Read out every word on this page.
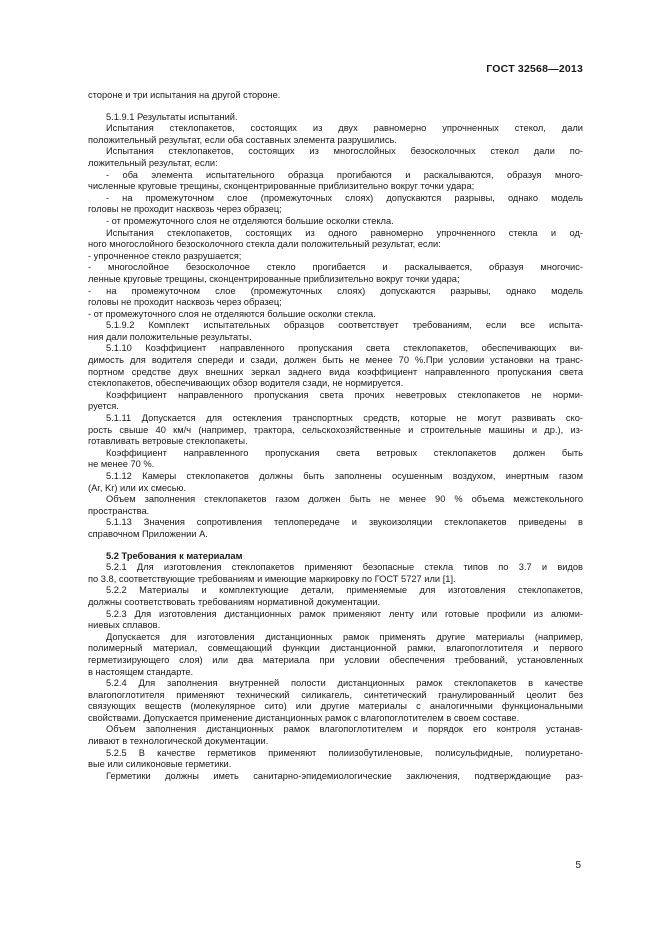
ГОСТ 32568—2013
стороне и три испытания на другой стороне.
5.1.9.1 Результаты испытаний.
Испытания стеклопакетов, состоящих из двух равномерно упрочненных стекол, дали
положительный результат, если оба составных элемента разрушились.
Испытания стеклопакетов, состоящих из многослойных безосколочных стекол дали по-
ложительный результат, если:
- оба элемента испытательного образца прогибаются и раскалываются, образуя много-
численные круговые трещины, сконцентрированные приблизительно вокруг точки удара;
- на промежуточном слое (промежуточных слоях) допускаются разрывы, однако модель
головы не проходит насквозь через образец;
- от промежуточного слоя не отделяются большие осколки стекла.
Испытания стеклопакетов, состоящих из одного равномерно упрочненного стекла и од-
ного многослойного безосколочного стекла дали положительный результат, если:
- упрочненное стекло разрушается;
- многослойное безосколочное стекло прогибается и раскалывается, образуя многочис-
ленные круговые трещины, сконцентрированные приблизительно вокруг точки удара;
- на промежуточном слое (промежуточных слоях) допускаются разрывы, однако модель
головы не проходит насквозь через образец;
- от промежуточного слоя не отделяются большие осколки стекла.
5.1.9.2 Комплект испытательных образцов соответствует требованиям, если все испыта-
ния дали положительные результаты.
5.1.10 Коэффициент направленного пропускания света стеклопакетов, обеспечивающих ви-
димость для водителя спереди и сзади, должен быть не менее 70 %.При условии установки на транс-
портном средстве двух внешних зеркал заднего вида коэффициент направленного пропускания света
стеклопакетов, обеспечивающих обзор водителя сзади, не нормируется.
Коэффициент направленного пропускания света прочих неветровых стеклопакетов не норми-
руется.
5.1.11 Допускается для остекления транспортных средств, которые не могут развивать ско-
рость свыше 40 км/ч (например, трактора, сельскохозяйственные и строительные машины и др.), из-
готавливать ветровые стеклопакеты.
Коэффициент направленного пропускания света ветровых стеклопакетов должен быть
не менее 70 %.
5.1.12 Камеры стеклопакетов должны быть заполнены осушенным воздухом, инертным газом
(Ar, Kr) или их смесью.
Объем заполнения стеклопакетов газом должен быть не менее 90 % объема межстекольного
пространства.
5.1.13 Значения сопротивления теплопередаче и звукоизоляции стеклопакетов приведены в
справочном Приложении А.
5.2 Требования к материалам
5.2.1 Для изготовления стеклопакетов применяют безопасные стекла типов по 3.7 и видов
по 3.8, соответствующие требованиям и имеющие маркировку по ГОСТ 5727 или [1].
5.2.2 Материалы и комплектующие детали, применяемые для изготовления стеклопакетов,
должны соответствовать требованиям нормативной документации.
5.2.3 Для изготовления дистанционных рамок применяют ленту или готовые профили из алюми-
ниевых сплавов.
Допускается для изготовления дистанционных рамок применять другие материалы (например,
полимерный материал, совмещающий функции дистанционной рамки, влагопоглотителя и первого
герметизирующего слоя) или два материала при условии обеспечения требований, установленных
в настоящем стандарте.
5.2.4 Для заполнения внутренней полости дистанционных рамок стеклопакетов в качестве
влагопоглотителя применяют технический силикагель, синтетический гранулированный цеолит без
связующих веществ (молекулярное сито) или другие материалы с аналогичными функциональными
свойствами. Допускается применение дистанционных рамок с влагопоглотителем в своем составе.
Объем заполнения дистанционных рамок влагопоглотителем и порядок его контроля устанав-
ливают в технологической документации.
5.2.5 В качестве герметиков применяют полиизобутиленовые, полисульфидные, полиуретано-
вые или силиконовые герметики.
Герметики должны иметь санитарно-эпидемиологические заключения, подтверждающие раз-
5
